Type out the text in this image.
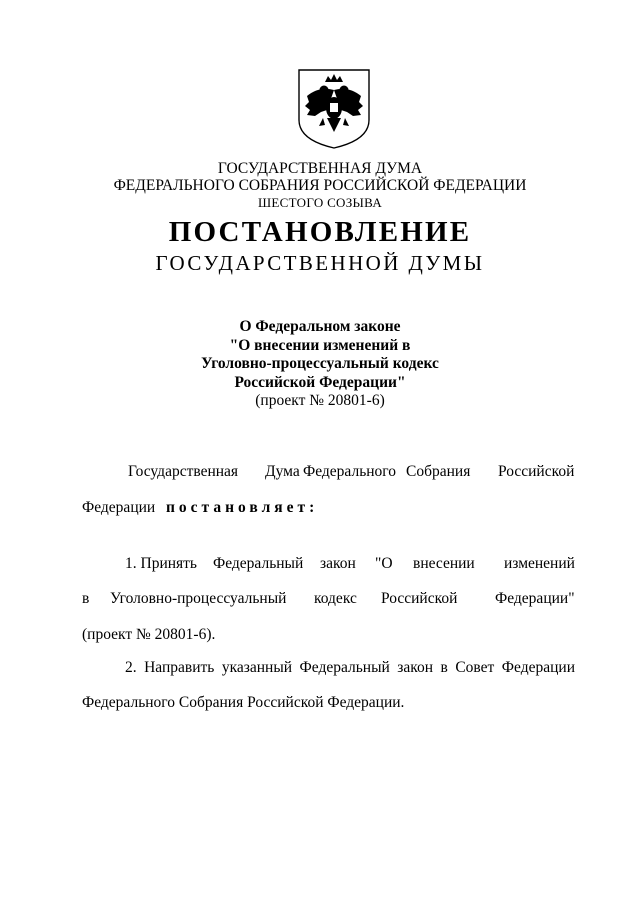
ГОСУДАРСТВЕННАЯ ДУМА
ФЕДЕРАЛЬНОГО СОБРАНИЯ РОССИЙСКОЙ ФЕДЕРАЦИИ
ШЕСТОГО СОЗЫВА
ПОСТАНОВЛЕНИЕ
ГОСУДАРСТВЕННОЙ ДУМЫ
О Федеральном законе
"О внесении изменений в
Уголовно-процессуальный кодекс
Российской Федерации"
(проект № 20801-6)
Государственная Дума Федерального Собрания Российской
Федерации постановляет:
1. Принять Федеральный закон "О внесении изменений
в Уголовно-процессуальный кодекс Российской Федерации"
(проект № 20801-6).
2. Направить указанный Федеральный закон в Совет Федерации
Федерального Собрания Российской Федерации.
